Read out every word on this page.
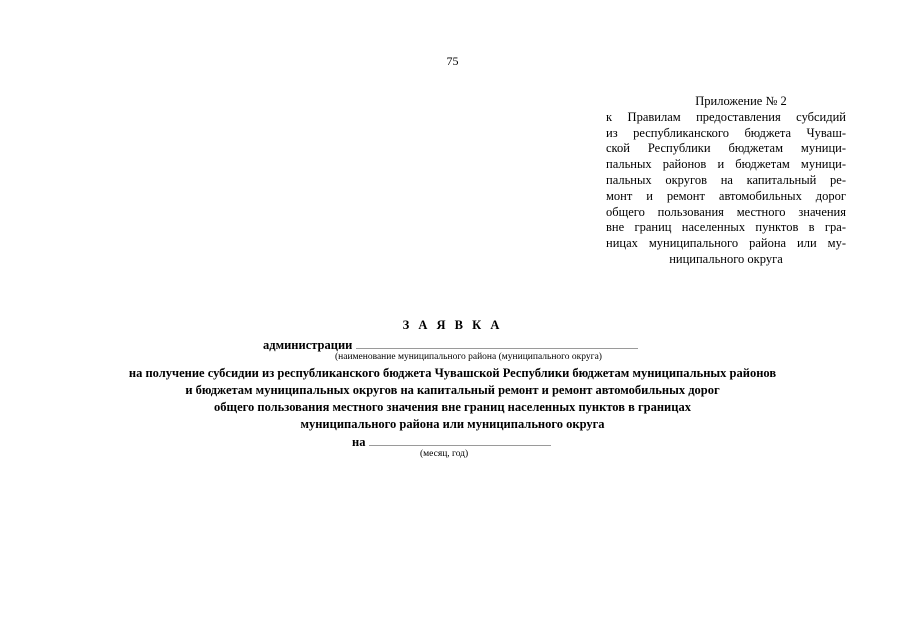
75
Приложение № 2
к Правилам предоставления субсидий
из республиканского бюджета Чуваш-
ской Республики бюджетам муници-
пальных районов и бюджетам муници-
пальных округов на капитальный ре-
монт и ремонт автомобильных дорог
общего пользования местного значения
вне границ населенных пунктов в гра-
ницах муниципального района или му-
ниципального округа
З А Я В К А
администрации
(наименование муниципального района (муниципального округа)
на получение субсидии из республиканского бюджета Чувашской Республики бюджетам муниципальных районов
и бюджетам муниципальных округов на капитальный ремонт и ремонт автомобильных дорог
общего пользования местного значения вне границ населенных пунктов в границах
муниципального района или муниципального округа
на
(месяц, год)
